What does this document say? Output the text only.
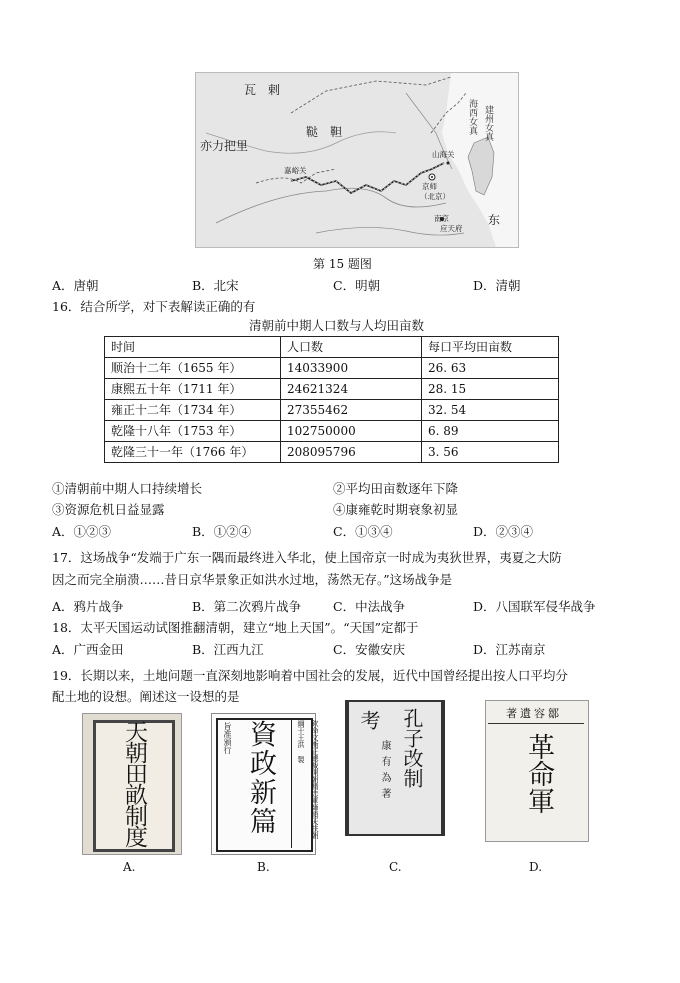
瓦　剌
鞑　靼
亦力把里
嘉峪关
山海关
京师
（北京）
南京
应天府
海西女真 建州女真
东
第 15 题图
A．唐朝	B．北宋	C．明朝	D．清朝
16．结合所学，对下表解读正确的有
清朝前中期人口数与人均田亩数
时间	人口数	每口平均田亩数
顺治十二年（1655 年）	14033900	26. 63
康熙五十年（1711 年）	24621324	28. 15
雍正十二年（1734 年）	27355462	32. 54
乾隆十八年（1753 年）	102750000	6. 89
乾隆三十一年（1766 年）	208095796	3. 56
①清朝前中期人口持续增长	②平均田亩数逐年下降
③资源危机日益显露	④康雍乾时期衰象初显
A．①②③	B．①②④	C．①③④	D．②③④
17．这场战争“发端于广东一隅而最终进入华北，使上国帝京一时成为夷狄世界，夷夏之大防
因之而完全崩溃……昔日京华景象正如洪水过地，荡然无存。”这场战争是
A．鸦片战争	B．第二次鸦片战争	C．中法战争	D．八国联军侵华战争
18．太平天国运动试图推翻清朝，建立“地上天国”。“天国”定都于
A．广西金田	B．江西九江	C．安徽安庆	D．江苏南京
19．长期以来，土地问题一直深刻地影响着中国社会的发展，近代中国曾经提出按人口平均分
配土地的设想。阐述这一设想的是
天朝田畝制度	旨准頒行 資政新篇	欽命文衡正總裁開朝精忠軍師頂天扶朝綱干王洪 製	孔子改制
考
康有為著
鄒容遺著
革命軍
A.	B.	C.	D.
